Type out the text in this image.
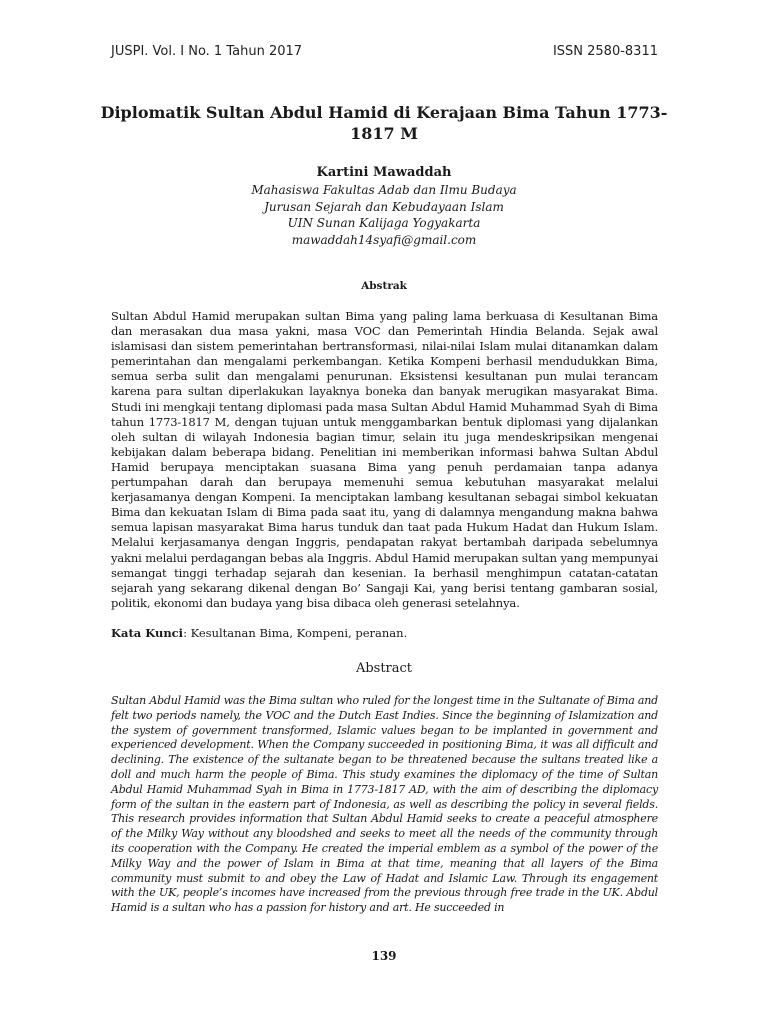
JUSPI. Vol. I No. 1 Tahun 2017	ISSN 2580-8311
Diplomatik Sultan Abdul Hamid di Kerajaan Bima Tahun 1773-1817 M
Kartini Mawaddah
Mahasiswa Fakultas Adab dan Ilmu Budaya
Jurusan Sejarah dan Kebudayaan Islam
UIN Sunan Kalijaga Yogyakarta
mawaddah14syafi@gmail.com
Abstrak
Sultan Abdul Hamid merupakan sultan Bima yang paling lama berkuasa di Kesultanan Bima dan merasakan dua masa yakni, masa VOC dan Pemerintah Hindia Belanda. Sejak awal islamisasi dan sistem pemerintahan bertransformasi, nilai-nilai Islam mulai ditanamkan dalam pemerintahan dan mengalami perkembangan. Ketika Kompeni berhasil mendudukkan Bima, semua serba sulit dan mengalami penurunan. Eksistensi kesultanan pun mulai terancam karena para sultan diperlakukan layaknya boneka dan banyak merugikan masyarakat Bima. Studi ini mengkaji tentang diplomasi pada masa Sultan Abdul Hamid Muhammad Syah di Bima tahun 1773-1817 M, dengan tujuan untuk menggambarkan bentuk diplomasi yang dijalankan oleh sultan di wilayah Indonesia bagian timur, selain itu juga mendeskripsikan mengenai kebijakan dalam beberapa bidang. Penelitian ini memberikan informasi bahwa Sultan Abdul Hamid berupaya menciptakan suasana Bima yang penuh perdamaian tanpa adanya pertumpahan darah dan berupaya memenuhi semua kebutuhan masyarakat melalui kerjasamanya dengan Kompeni. Ia menciptakan lambang kesultanan sebagai simbol kekuatan Bima dan kekuatan Islam di Bima pada saat itu, yang di dalamnya mengandung makna bahwa semua lapisan masyarakat Bima harus tunduk dan taat pada Hukum Hadat dan Hukum Islam. Melalui kerjasamanya dengan Inggris, pendapatan rakyat bertambah daripada sebelumnya yakni melalui perdagangan bebas ala Inggris. Abdul Hamid merupakan sultan yang mempunyai semangat tinggi terhadap sejarah dan kesenian. Ia berhasil menghimpun catatan-catatan sejarah yang sekarang dikenal dengan Bo’ Sangaji Kai, yang berisi tentang gambaran sosial, politik, ekonomi dan budaya yang bisa dibaca oleh generasi setelahnya.
Kata Kunci: Kesultanan Bima, Kompeni, peranan.
Abstract
Sultan Abdul Hamid was the Bima sultan who ruled for the longest time in the Sultanate of Bima and felt two periods namely, the VOC and the Dutch East Indies. Since the beginning of Islamization and the system of government transformed, Islamic values began to be implanted in government and experienced development. When the Company succeeded in positioning Bima, it was all difficult and declining. The existence of the sultanate began to be threatened because the sultans treated like a doll and much harm the people of Bima. This study examines the diplomacy of the time of Sultan Abdul Hamid Muhammad Syah in Bima in 1773-1817 AD, with the aim of describing the diplomacy form of the sultan in the eastern part of Indonesia, as well as describing the policy in several fields. This research provides information that Sultan Abdul Hamid seeks to create a peaceful atmosphere of the Milky Way without any bloodshed and seeks to meet all the needs of the community through its cooperation with the Company. He created the imperial emblem as a symbol of the power of the Milky Way and the power of Islam in Bima at that time, meaning that all layers of the Bima community must submit to and obey the Law of Hadat and Islamic Law. Through its engagement with the UK, people’s incomes have increased from the previous through free trade in the UK. Abdul Hamid is a sultan who has a passion for history and art. He succeeded in
139
